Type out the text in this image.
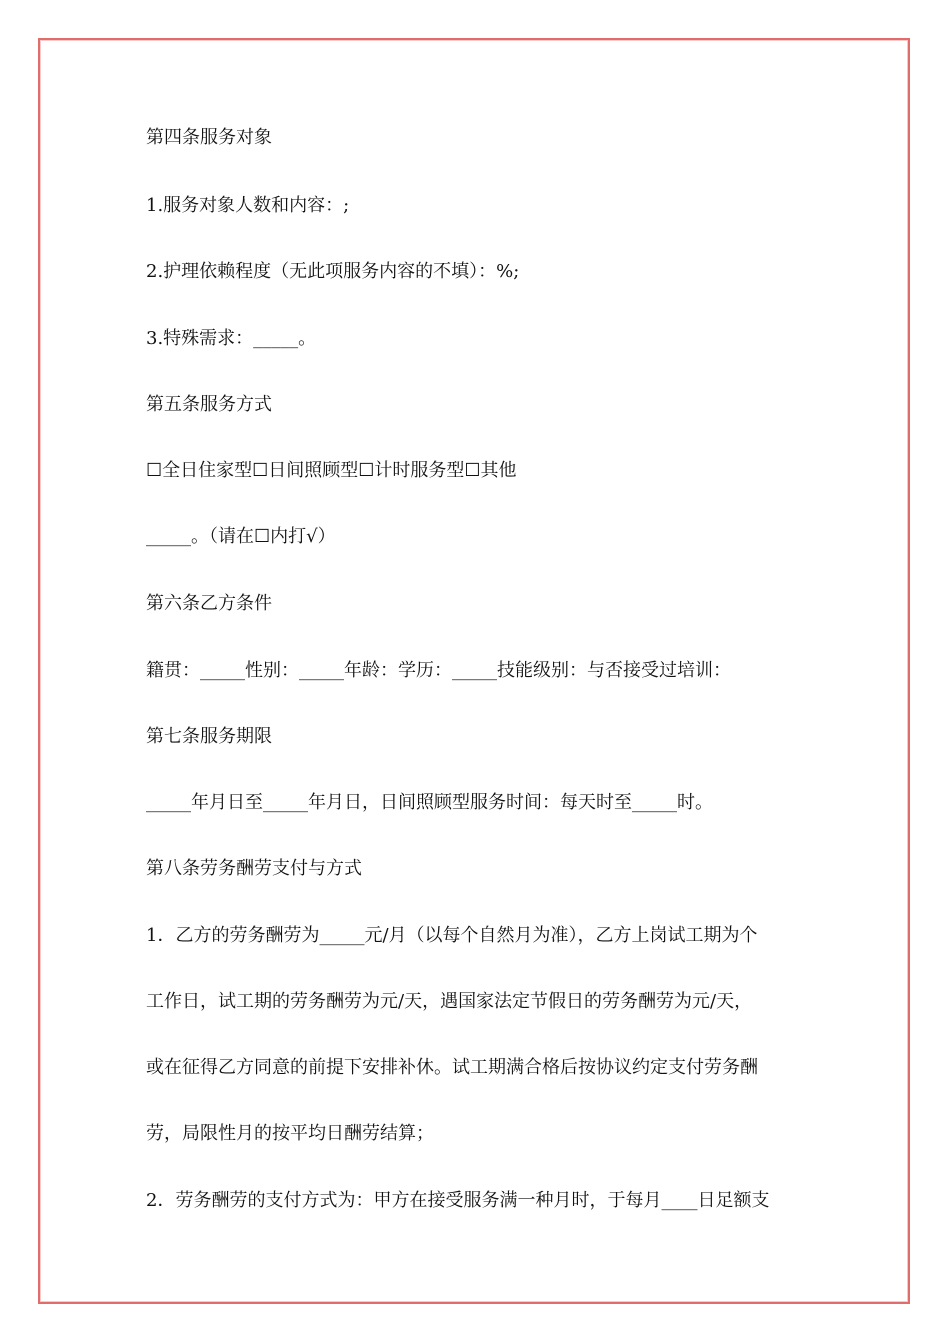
第四条服务对象
1.服务对象人数和内容：;
2.护理依赖程度（无此项服务内容的不填）：%;
3.特殊需求：_____。
第五条服务方式
☐全日住家型☐日间照顾型☐计时服务型☐其他
_____。（请在☐内打√）
第六条乙方条件
籍贯：_____性别：_____年龄：学历：_____技能级别：与否接受过培训：
第七条服务期限
_____年月日至_____年月日，日间照顾型服务时间：每天时至_____时。
第八条劳务酬劳支付与方式
1．乙方的劳务酬劳为_____元/月（以每个自然月为准），乙方上岗试工期为个
工作日，试工期的劳务酬劳为元/天，遇国家法定节假日的劳务酬劳为元/天，
或在征得乙方同意的前提下安排补休。试工期满合格后按协议约定支付劳务酬
劳，局限性月的按平均日酬劳结算；
2．劳务酬劳的支付方式为：甲方在接受服务满一种月时，于每月____日足额支
